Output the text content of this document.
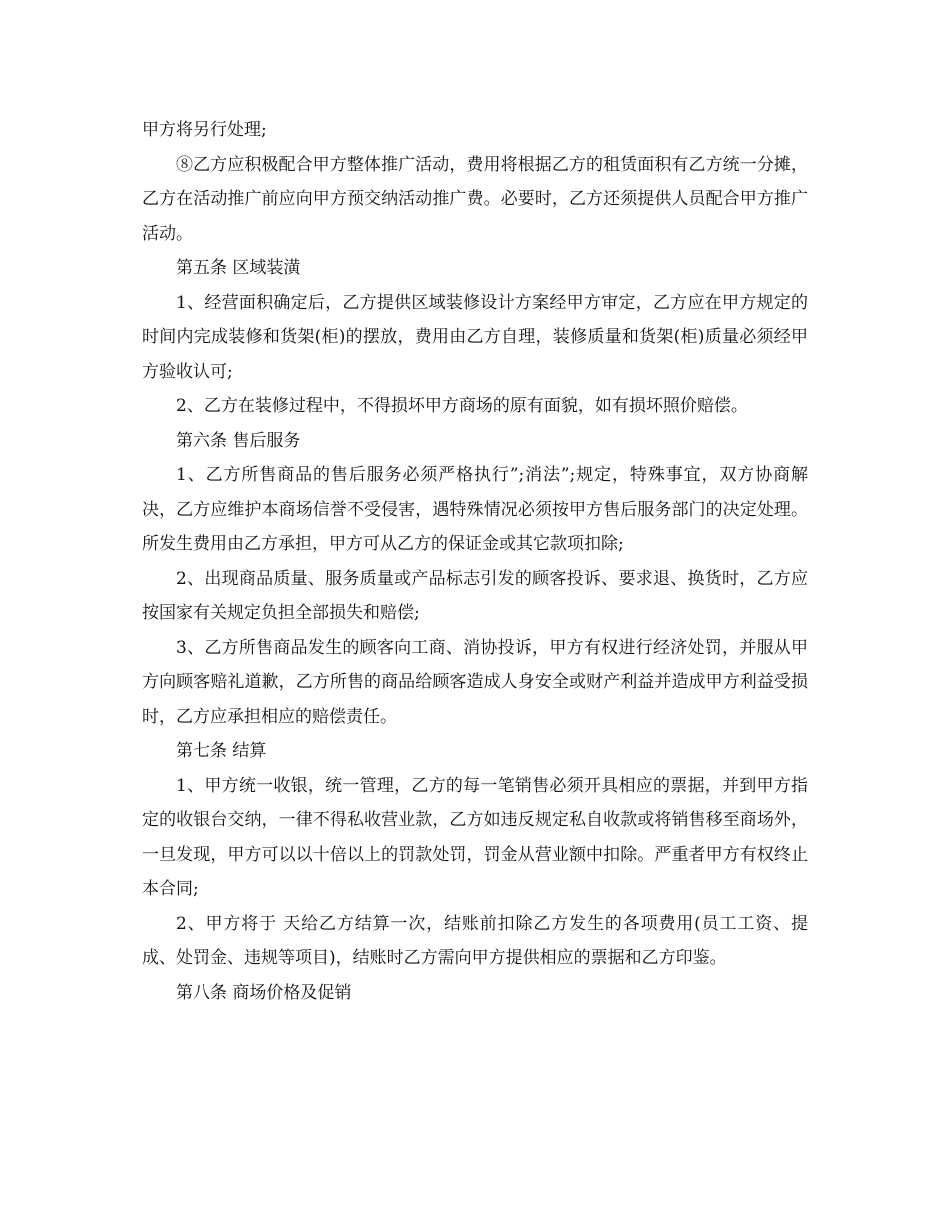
甲方将另行处理;

⑧乙方应积极配合甲方整体推广活动，费用将根据乙方的租赁面积有乙方统一分摊，乙方在活动推广前应向甲方预交纳活动推广费。必要时，乙方还须提供人员配合甲方推广活动。

第五条 区域装潢

1、经营面积确定后，乙方提供区域装修设计方案经甲方审定，乙方应在甲方规定的时间内完成装修和货架(柜)的摆放，费用由乙方自理，装修质量和货架(柜)质量必须经甲方验收认可;

2、乙方在装修过程中，不得损坏甲方商场的原有面貌，如有损坏照价赔偿。

第六条 售后服务

1、乙方所售商品的售后服务必须严格执行”;消法”;规定，特殊事宜，双方协商解决，乙方应维护本商场信誉不受侵害，遇特殊情况必须按甲方售后服务部门的决定处理。所发生费用由乙方承担，甲方可从乙方的保证金或其它款项扣除;

2、出现商品质量、服务质量或产品标志引发的顾客投诉、要求退、换货时，乙方应按国家有关规定负担全部损失和赔偿;

3、乙方所售商品发生的顾客向工商、消协投诉，甲方有权进行经济处罚，并服从甲方向顾客赔礼道歉，乙方所售的商品给顾客造成人身安全或财产利益并造成甲方利益受损时，乙方应承担相应的赔偿责任。

第七条 结算

1、甲方统一收银，统一管理，乙方的每一笔销售必须开具相应的票据，并到甲方指定的收银台交纳，一律不得私收营业款，乙方如违反规定私自收款或将销售移至商场外，一旦发现，甲方可以以十倍以上的罚款处罚，罚金从营业额中扣除。严重者甲方有权终止本合同;

2、甲方将于 天给乙方结算一次，结账前扣除乙方发生的各项费用(员工工资、提成、处罚金、违规等项目)，结账时乙方需向甲方提供相应的票据和乙方印鉴。

第八条 商场价格及促销
